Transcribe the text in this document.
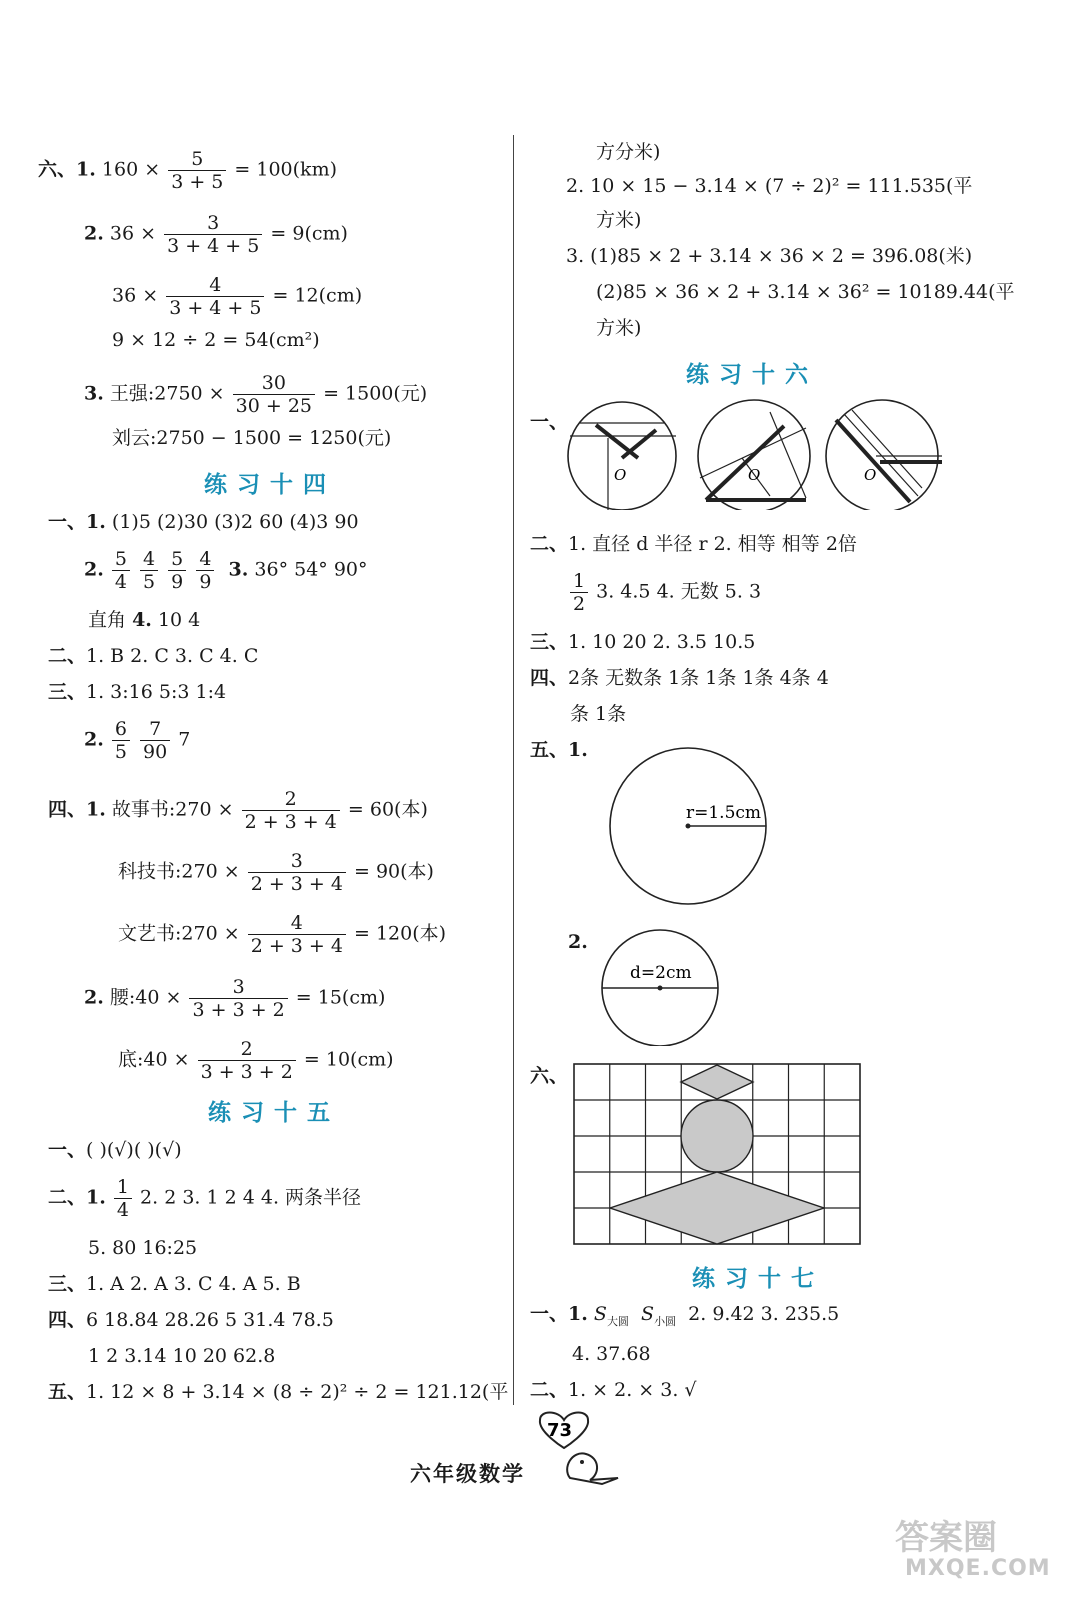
六、1. $160 \times \frac{5}{3 + 5} = 100(km)$
2. $36 \times \frac{3}{3 + 4 + 5} = 9(cm)$
$36 \times \frac{4}{3 + 4 + 5} = 12(cm)$
9 × 12 ÷ 2 = 54(cm²)
3. 王强:2750 × $\frac{30}{30 + 25} = 1500$(元)
刘云:2750 − 1500 = 1250(元)
练习十四
一、1. (1)5 (2)30 (3)2 60 (4)3 90
2. $\frac{5}{4}$
$\frac{4}{5}$
$\frac{5}{9}$
$\frac{4}{9} 3$. 36° 54° 90°
直角 4. 10 4
二、1. B 2. C 3. C 4. C
三、1. 3:16 5:3 1:4
2. $\frac{6}{5}$
$\frac{7}{90} 7$
四、1. 故事书:270 × $\frac{2}{2 + 3 + 4} = 60$(本)
科技书:270 × $\frac{3}{2 + 3 + 4} = 90$(本)
文艺书:270 × $\frac{4}{2 + 3 + 4} = 120$(本)
2. 腰:40 × $\frac{3}{3 + 3 + 2} = 15(cm)$
底:40 × $\frac{2}{3 + 3 + 2} = 10(cm)$
练习十五
一、( )(√)( )(√)
二、1. $\frac{1}{4} 2$. 2 3. 1 2 4 4. 两条半径
5. 80 16:25
三、1. A 2. A 3. C 4. A 5. B
四、6 18.84 28.26 5 31.4 78.5
1 2 3.14 10 20 62.8
五、1. 12 × 8 + 3.14 × (8 ÷ 2)² ÷ 2 = 121.12(平
方分米)
2. 10 × 15 − 3.14 × (7 ÷ 2)² = 111.535(平
方米)
3. (1)85 × 2 + 3.14 × 36 × 2 = 396.08(米)
(2)85 × 36 × 2 + 3.14 × 36² = 10189.44(平
方米)
练习十六
一、
O	O	O
二、1. 直径 d 半径 r 2. 相等 相等 2倍
$\frac{1}{2} 3$. 4.5 4. 无数 5. 3
三、1. 10 20 2. 3.5 10.5
四、2条 无数条 1条 1条 1条 4条 4
条 1条
五、1.
r=1.5cm
2.
d=2cm
六、
练习十七
一、1. $S_{大圆}$ $S_{小圆}$ 2. 9.42 3. 235.5
4. 37.68
二、1. × 2. × 3. √
73
六年级数学
答案圈
MXQE.COM
